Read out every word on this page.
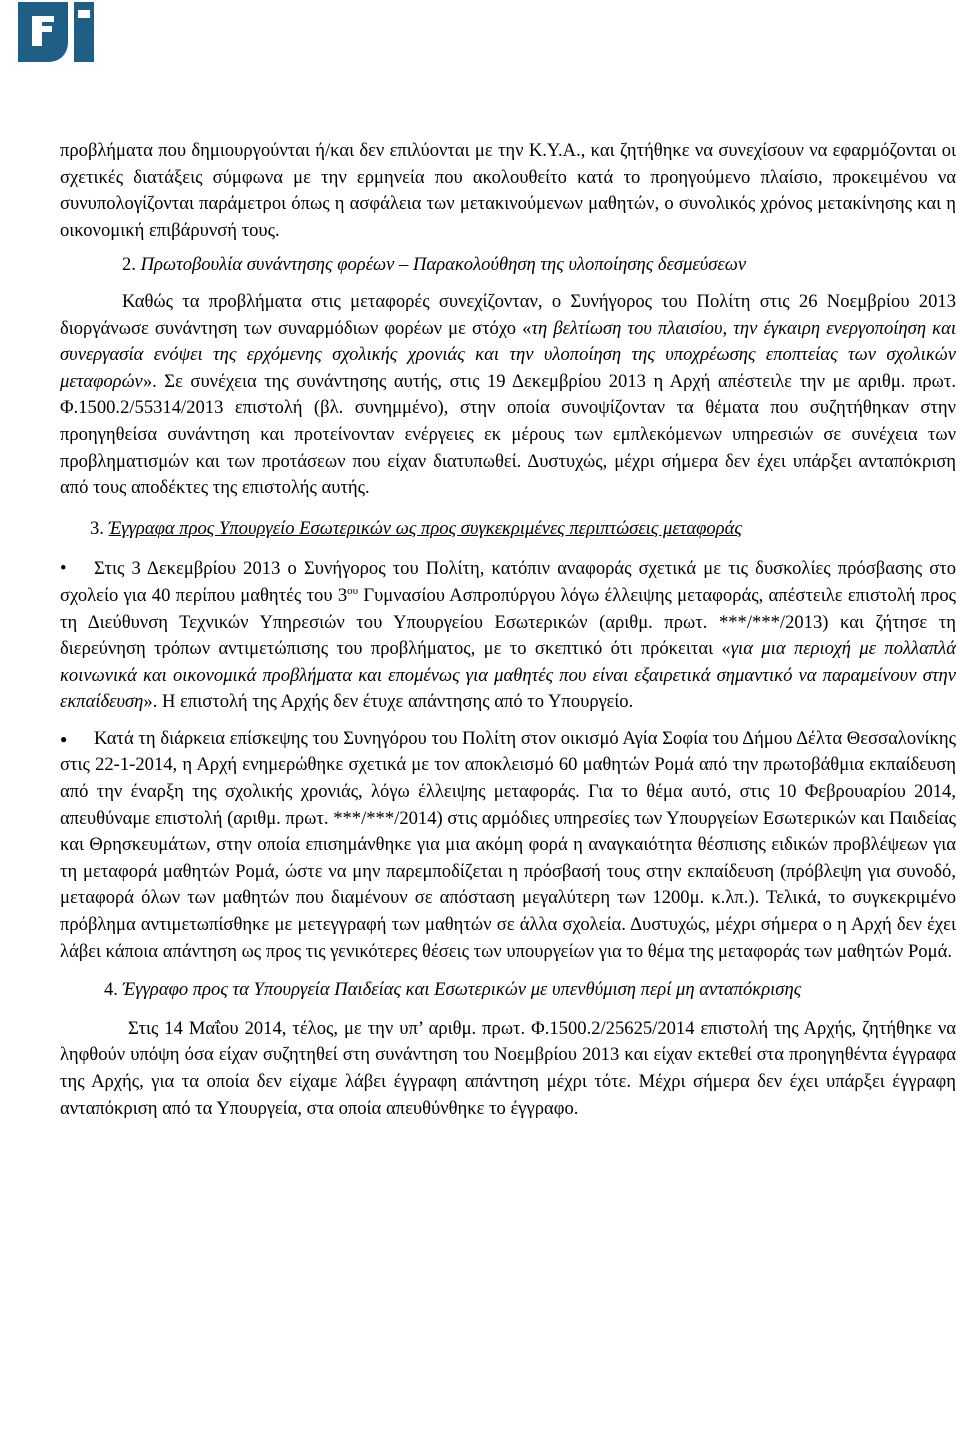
προβλήματα που δημιουργούνται ή/και δεν επιλύονται με την Κ.Υ.Α., και ζητήθηκε να συνεχίσουν να εφαρμόζονται οι σχετικές διατάξεις σύμφωνα με την ερμηνεία που ακολουθείτο κατά το προηγούμενο πλαίσιο, προκειμένου να συνυπολογίζονται παράμετροι όπως η ασφάλεια των μετακινούμενων μαθητών, ο συνολικός χρόνος μετακίνησης και η οικονομική επιβάρυνσή τους.

2. Πρωτοβουλία συνάντησης φορέων – Παρακολούθηση της υλοποίησης δεσμεύσεων

Καθώς τα προβλήματα στις μεταφορές συνεχίζονταν, ο Συνήγορος του Πολίτη στις 26 Νοεμβρίου 2013 διοργάνωσε συνάντηση των συναρμόδιων φορέων με στόχο «τη βελτίωση του πλαισίου, την έγκαιρη ενεργοποίηση και συνεργασία ενόψει της ερχόμενης σχολικής χρονιάς και την υλοποίηση της υποχρέωσης εποπτείας των σχολικών μεταφορών». Σε συνέχεια της συνάντησης αυτής, στις 19 Δεκεμβρίου 2013 η Αρχή απέστειλε την με αριθμ. πρωτ. Φ.1500.2/55314/2013 επιστολή (βλ. συνημμένο), στην οποία συνοψίζονταν τα θέματα που συζητήθηκαν στην προηγηθείσα συνάντηση και προτείνονταν ενέργειες εκ μέρους των εμπλεκόμενων υπηρεσιών σε συνέχεια των προβληματισμών και των προτάσεων που είχαν διατυπωθεί. Δυστυχώς, μέχρι σήμερα δεν έχει υπάρξει ανταπόκριση από τους αποδέκτες της επιστολής αυτής.

3. Έγγραφα προς Υπουργείο Εσωτερικών ως προς συγκεκριμένες περιπτώσεις μεταφοράς

• Στις 3 Δεκεμβρίου 2013 ο Συνήγορος του Πολίτη, κατόπιν αναφοράς σχετικά με τις δυσκολίες πρόσβασης στο σχολείο για 40 περίπου μαθητές του $3^{o\upsilon}$ Γυμνασίου Ασπροπύργου λόγω έλλειψης μεταφοράς, απέστειλε επιστολή προς τη Διεύθυνση Τεχνικών Υπηρεσιών του Υπουργείου Εσωτερικών (αριθμ. πρωτ. ***/***/2013) και ζήτησε τη διερεύνηση τρόπων αντιμετώπισης του προβλήματος, με το σκεπτικό ότι πρόκειται «για μια περιοχή με πολλαπλά κοινωνικά και οικονομικά προβλήματα και επομένως για μαθητές που είναι εξαιρετικά σημαντικό να παραμείνουν στην εκπαίδευση». Η επιστολή της Αρχής δεν έτυχε απάντησης από το Υπουργείο.

● Κατά τη διάρκεια επίσκεψης του Συνηγόρου του Πολίτη στον οικισμό Αγία Σοφία του Δήμου Δέλτα Θεσσαλονίκης στις 22-1-2014, η Αρχή ενημερώθηκε σχετικά με τον αποκλεισμό 60 μαθητών Ρομά από την πρωτοβάθμια εκπαίδευση από την έναρξη της σχολικής χρονιάς, λόγω έλλειψης μεταφοράς. Για το θέμα αυτό, στις 10 Φεβρουαρίου 2014, απευθύναμε επιστολή (αριθμ. πρωτ. ***/***/2014) στις αρμόδιες υπηρεσίες των Υπουργείων Εσωτερικών και Παιδείας και Θρησκευμάτων, στην οποία επισημάνθηκε για μια ακόμη φορά η αναγκαιότητα θέσπισης ειδικών προβλέψεων για τη μεταφορά μαθητών Ρομά, ώστε να μην παρεμποδίζεται η πρόσβασή τους στην εκπαίδευση (πρόβλεψη για συνοδό, μεταφορά όλων των μαθητών που διαμένουν σε απόσταση μεγαλύτερη των 1200μ. κ.λπ.). Τελικά, το συγκεκριμένο πρόβλημα αντιμετωπίσθηκε με μετεγγραφή των μαθητών σε άλλα σχολεία. Δυστυχώς, μέχρι σήμερα ο η Αρχή δεν έχει λάβει κάποια απάντηση ως προς τις γενικότερες θέσεις των υπουργείων για το θέμα της μεταφοράς των μαθητών Ρομά.

4. Έγγραφο προς τα Υπουργεία Παιδείας και Εσωτερικών με υπενθύμιση περί μη ανταπόκρισης

Στις 14 Μαΐου 2014, τέλος, με την υπ’ αριθμ. πρωτ. Φ.1500.2/25625/2014 επιστολή της Αρχής, ζητήθηκε να ληφθούν υπόψη όσα είχαν συζητηθεί στη συνάντηση του Νοεμβρίου 2013 και είχαν εκτεθεί στα προηγηθέντα έγγραφα της Αρχής, για τα οποία δεν είχαμε λάβει έγγραφη απάντηση μέχρι τότε. Μέχρι σήμερα δεν έχει υπάρξει έγγραφη ανταπόκριση από τα Υπουργεία, στα οποία απευθύνθηκε το έγγραφο.
